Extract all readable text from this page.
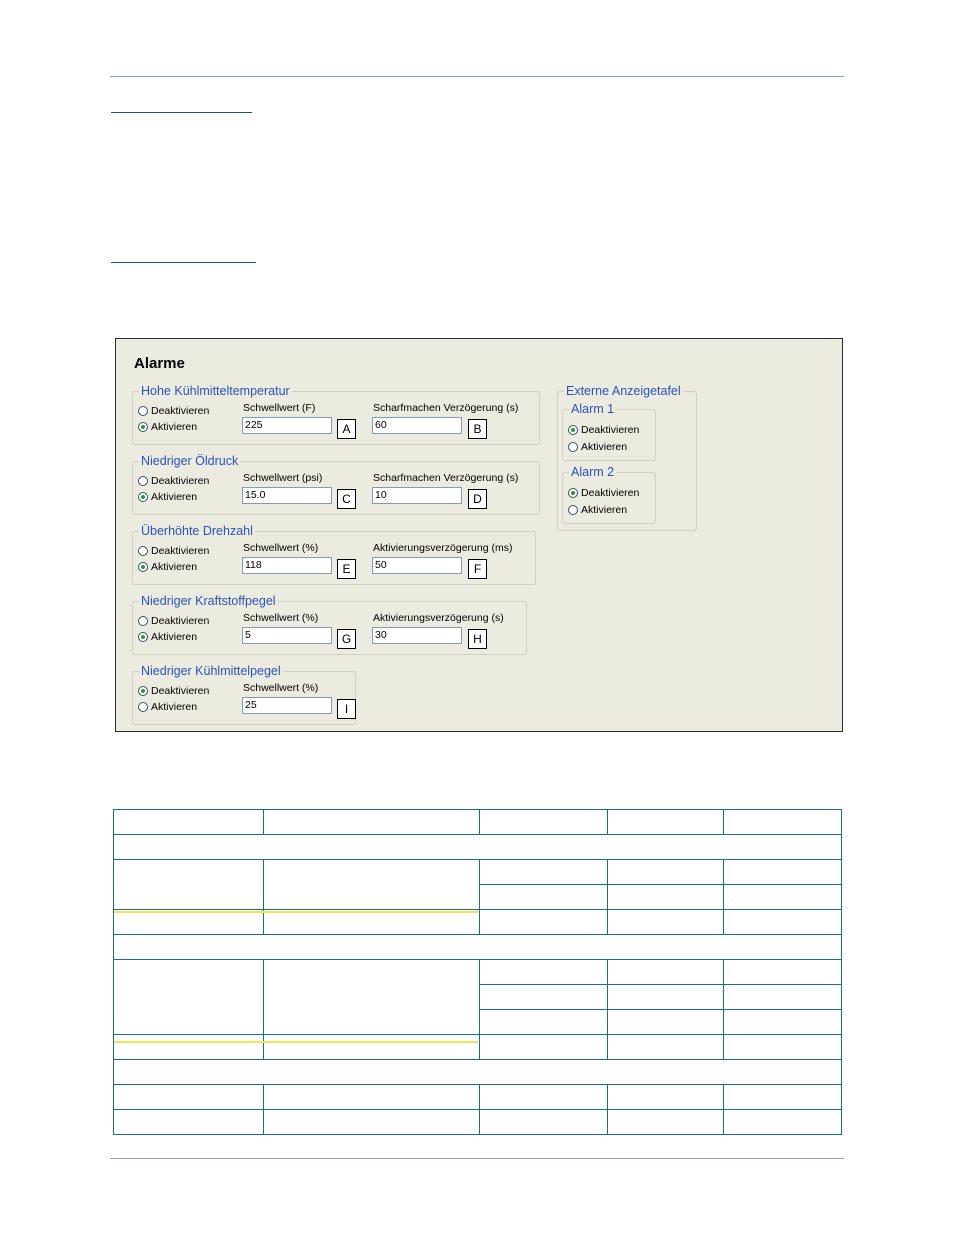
Alarme
Hohe Kühlmitteltemperatur
Deaktivieren
Aktivieren
Schwellwert (F)
225	A
Scharfmachen Verzögerung (s)
60	B
Niedriger Öldruck
Deaktivieren
Aktivieren
Schwellwert (psi)
15.0	C
Scharfmachen Verzögerung (s)
10	D
Überhöhte Drehzahl
Deaktivieren
Aktivieren
Schwellwert (%)
118	E
Aktivierungsverzögerung (ms)
50	F
Niedriger Kraftstoffpegel
Deaktivieren
Aktivieren
Schwellwert (%)
5	G
Aktivierungsverzögerung (s)
30	H
Niedriger Kühlmittelpegel
Deaktivieren
Aktivieren
Schwellwert (%)
25	I
Externe Anzeigetafel
Alarm 1
Deaktivieren
Aktivieren
Alarm 2
Deaktivieren
Aktivieren
